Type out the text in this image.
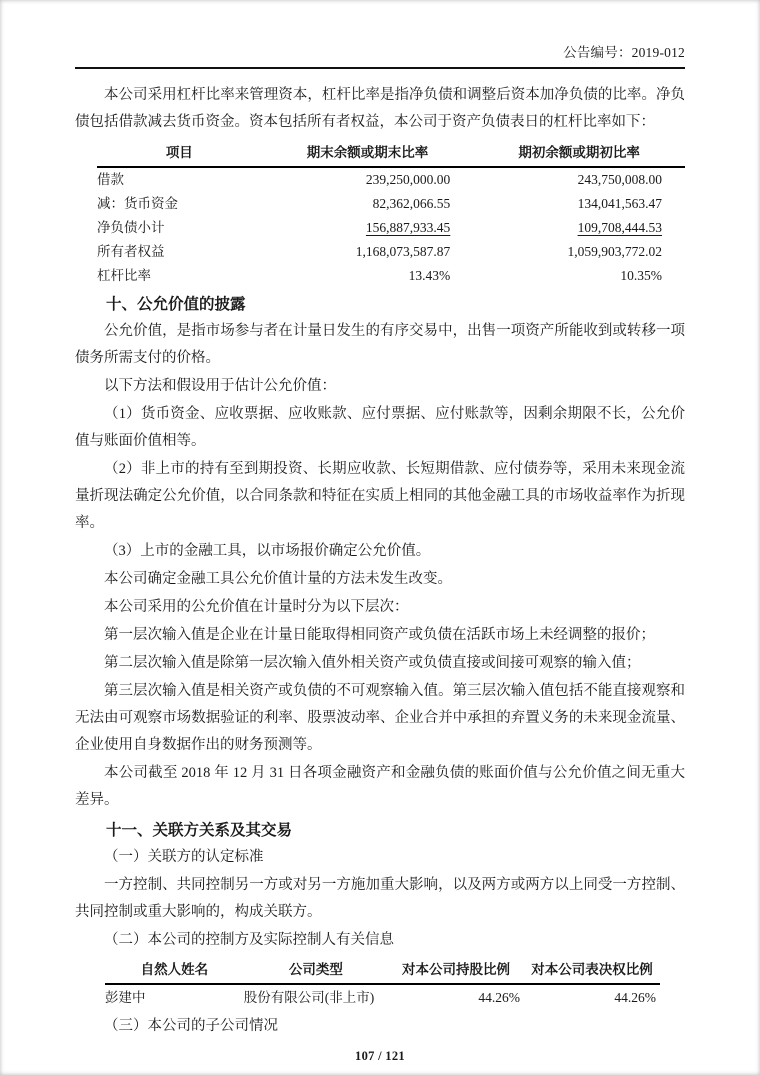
公告编号：2019-012

本公司采用杠杆比率来管理资本，杠杆比率是指净负债和调整后资本加净负债的比率。净负债包括借款减去货币资金。资本包括所有者权益，本公司于资产负债表日的杠杆比率如下：

项目	期末余额或期末比率	期初余额或期初比率
借款	239,250,000.00	243,750,008.00
减：货币资金	82,362,066.55	134,041,563.47
净负债小计	156,887,933.45	109,708,444.53
所有者权益	1,168,073,587.87	1,059,903,772.02
杠杆比率	13.43%	10.35%
十、公允价值的披露

公允价值，是指市场参与者在计量日发生的有序交易中，出售一项资产所能收到或转移一项债务所需支付的价格。

以下方法和假设用于估计公允价值：

（1）货币资金、应收票据、应收账款、应付票据、应付账款等，因剩余期限不长，公允价值与账面价值相等。

（2）非上市的持有至到期投资、长期应收款、长短期借款、应付债券等，采用未来现金流量折现法确定公允价值，以合同条款和特征在实质上相同的其他金融工具的市场收益率作为折现率。

（3）上市的金融工具，以市场报价确定公允价值。

本公司确定金融工具公允价值计量的方法未发生改变。

本公司采用的公允价值在计量时分为以下层次：

第一层次输入值是企业在计量日能取得相同资产或负债在活跃市场上未经调整的报价；

第二层次输入值是除第一层次输入值外相关资产或负债直接或间接可观察的输入值；

第三层次输入值是相关资产或负债的不可观察输入值。第三层次输入值包括不能直接观察和无法由可观察市场数据验证的利率、股票波动率、企业合并中承担的弃置义务的未来现金流量、企业使用自身数据作出的财务预测等。

本公司截至 2018 年 12 月 31 日各项金融资产和金融负债的账面价值与公允价值之间无重大差异。

十一、关联方关系及其交易

（一）关联方的认定标准

一方控制、共同控制另一方或对另一方施加重大影响，以及两方或两方以上同受一方控制、共同控制或重大影响的，构成关联方。

（二）本公司的控制方及实际控制人有关信息

自然人姓名	公司类型	对本公司持股比例	对本公司表决权比例
彭建中	股份有限公司(非上市)	44.26%	44.26%

（三）本公司的子公司情况

107 / 121
